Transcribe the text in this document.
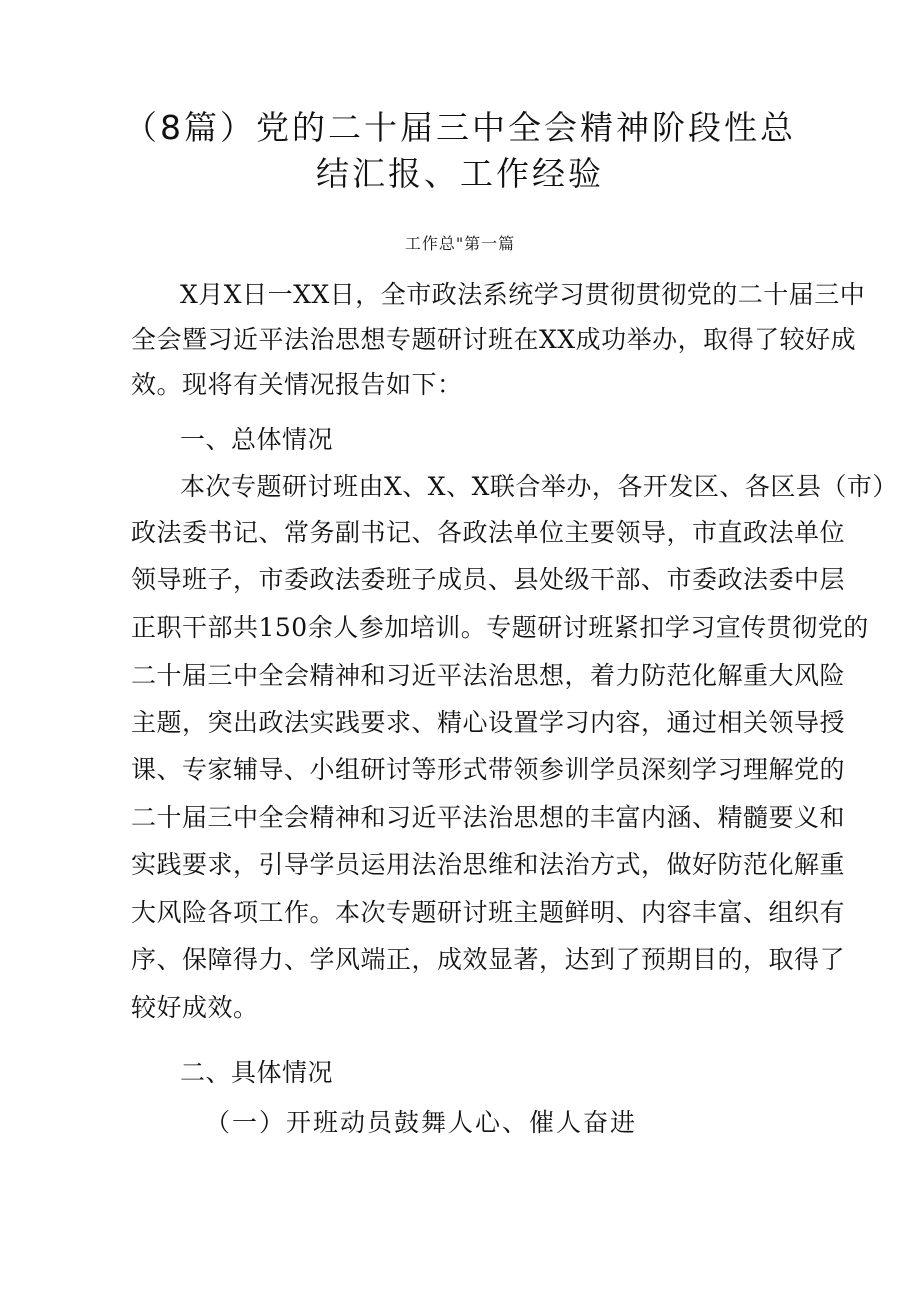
（8篇）党的二十届三中全会精神阶段性总
结汇报、工作经验
工作总"第一篇
X月X日一XX日，全市政法系统学习贯彻贯彻党的二十届三中
全会暨习近平法治思想专题研讨班在XX成功举办，取得了较好成
效。现将有关情况报告如下：
一、总体情况
本次专题研讨班由X、X、X联合举办，各开发区、各区县（市）
政法委书记、常务副书记、各政法单位主要领导，市直政法单位
领导班子，市委政法委班子成员、县处级干部、市委政法委中层
正职干部共150余人参加培训。专题研讨班紧扣学习宣传贯彻党的
二十届三中全会精神和习近平法治思想，着力防范化解重大风险
主题，突出政法实践要求、精心设置学习内容，通过相关领导授
课、专家辅导、小组研讨等形式带领参训学员深刻学习理解党的
二十届三中全会精神和习近平法治思想的丰富内涵、精髓要义和
实践要求，引导学员运用法治思维和法治方式，做好防范化解重
大风险各项工作。本次专题研讨班主题鲜明、内容丰富、组织有
序、保障得力、学风端正，成效显著，达到了预期目的，取得了
较好成效。
二、具体情况
（一）开班动员鼓舞人心、催人奋进
